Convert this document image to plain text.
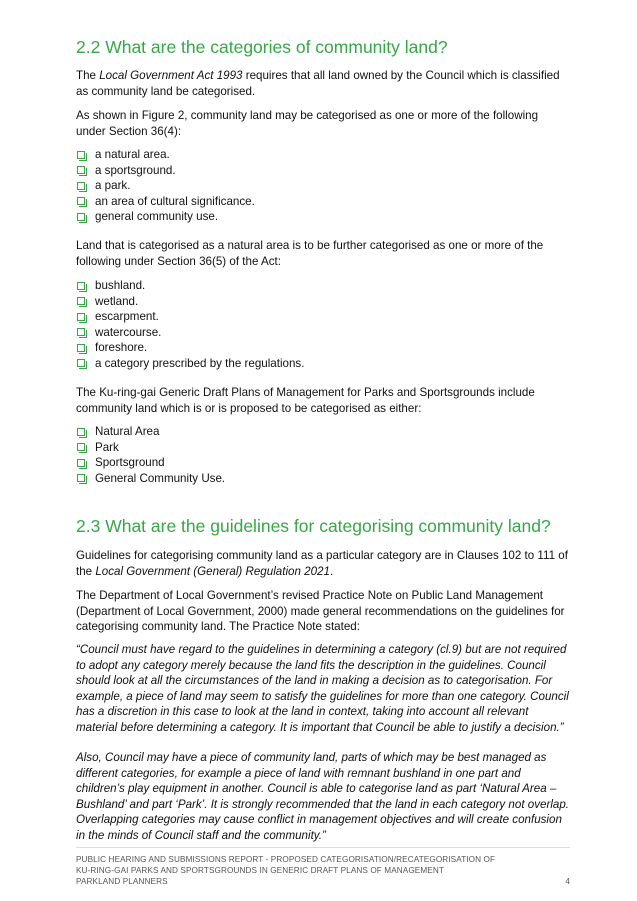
2.2 What are the categories of community land?

The Local Government Act 1993 requires that all land owned by the Council which is classified as community land be categorised.

As shown in Figure 2, community land may be categorised as one or more of the following under Section 36(4):

a natural area.
a sportsground.
a park.
an area of cultural significance.
general community use.

Land that is categorised as a natural area is to be further categorised as one or more of the following under Section 36(5) of the Act:

bushland.
wetland.
escarpment.
watercourse.
foreshore.
a category prescribed by the regulations.

The Ku-ring-gai Generic Draft Plans of Management for Parks and Sportsgrounds include community land which is or is proposed to be categorised as either:

Natural Area
Park
Sportsground
General Community Use.
2.3 What are the guidelines for categorising community land?

Guidelines for categorising community land as a particular category are in Clauses 102 to 111 of the Local Government (General) Regulation 2021.

The Department of Local Government’s revised Practice Note on Public Land Management (Department of Local Government, 2000) made general recommendations on the guidelines for categorising community land. The Practice Note stated:

“Council must have regard to the guidelines in determining a category (cl.9) but are not required to adopt any category merely because the land fits the description in the guidelines. Council should look at all the circumstances of the land in making a decision as to categorisation. For example, a piece of land may seem to satisfy the guidelines for more than one category. Council has a discretion in this case to look at the land in context, taking into account all relevant material before determining a category. It is important that Council be able to justify a decision.”

Also, Council may have a piece of community land, parts of which may be best managed as different categories, for example a piece of land with remnant bushland in one part and children’s play equipment in another. Council is able to categorise land as part ‘Natural Area – Bushland’ and part ‘Park’. It is strongly recommended that the land in each category not overlap. Overlapping categories may cause conflict in management objectives and will create confusion in the minds of Council staff and the community.”

PUBLIC HEARING AND SUBMISSIONS REPORT - PROPOSED CATEGORISATION/RECATEGORISATION OF
KU-RING-GAI PARKS AND SPORTSGROUNDS IN GENERIC DRAFT PLANS OF MANAGEMENT
PARKLAND PLANNERS	4
